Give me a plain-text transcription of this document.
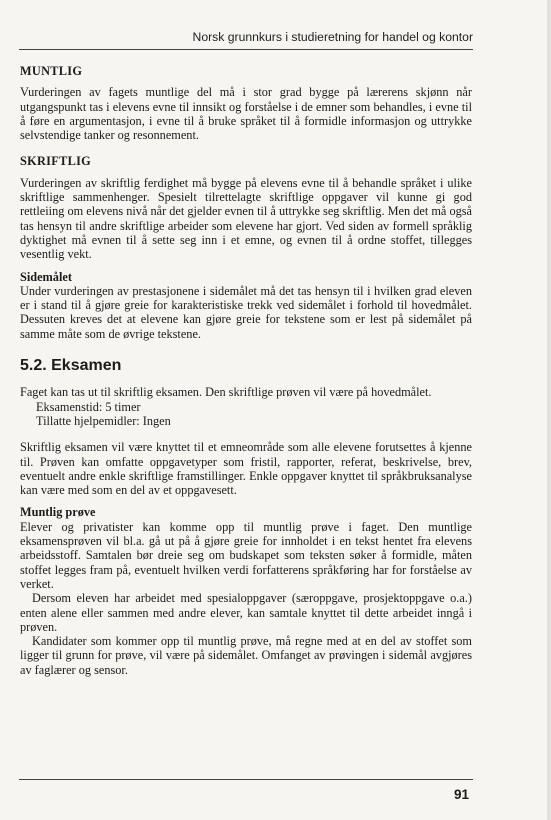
Norsk grunnkurs i studieretning for handel og kontor
MUNTLIG

Vurderingen av fagets muntlige del må i stor grad bygge på lærerens skjønn når utgangspunkt tas i elevens evne til innsikt og forståelse i de emner som behandles, i evne til å føre en argumentasjon, i evne til å bruke språket til å formidle informasjon og uttrykke selvstendige tanker og resonnement.

SKRIFTLIG

Vurderingen av skriftlig ferdighet må bygge på elevens evne til å behandle språket i ulike skriftlige sammenhenger. Spesielt tilrettelagte skriftlige oppgaver vil kunne gi god rettleiing om elevens nivå når det gjelder evnen til å uttrykke seg skriftlig. Men det må også tas hensyn til andre skriftlige arbeider som elevene har gjort. Ved siden av formell språklig dyktighet må evnen til å sette seg inn i et emne, og evnen til å ordne stoffet, tillegges vesentlig vekt.

Sidemålet

Under vurderingen av prestasjonene i sidemålet må det tas hensyn til i hvilken grad eleven er i stand til å gjøre greie for karakteristiske trekk ved sidemålet i forhold til hovedmålet. Dessuten kreves det at elevene kan gjøre greie for tekstene som er lest på sidemålet på samme måte som de øvrige tekstene.

5.2. Eksamen

Faget kan tas ut til skriftlig eksamen. Den skriftlige prøven vil være på hovedmålet.

Eksamenstid: 5 timer

Tillatte hjelpemidler: Ingen

Skriftlig eksamen vil være knyttet til et emneområde som alle elevene forutsettes å kjenne til. Prøven kan omfatte oppgavetyper som fristil, rapporter, referat, beskrivelse, brev, eventuelt andre enkle skriftlige framstillinger. Enkle oppgaver knyttet til språkbruksanalyse kan være med som en del av et oppgavesett.

Muntlig prøve

Elever og privatister kan komme opp til muntlig prøve i faget. Den muntlige eksamensprøven vil bl.a. gå ut på å gjøre greie for innholdet i en tekst hentet fra elevens arbeidsstoff. Samtalen bør dreie seg om budskapet som teksten søker å formidle, måten stoffet legges fram på, eventuelt hvilken verdi forfatterens språkføring har for forståelse av verket.

Dersom eleven har arbeidet med spesialoppgaver (særoppgave, prosjektoppgave o.a.) enten alene eller sammen med andre elever, kan samtale knyttet til dette arbeidet inngå i prøven.

Kandidater som kommer opp til muntlig prøve, må regne med at en del av stoffet som ligger til grunn for prøve, vil være på sidemålet. Omfanget av prøvingen i sidemål avgjøres av faglærer og sensor.

91
